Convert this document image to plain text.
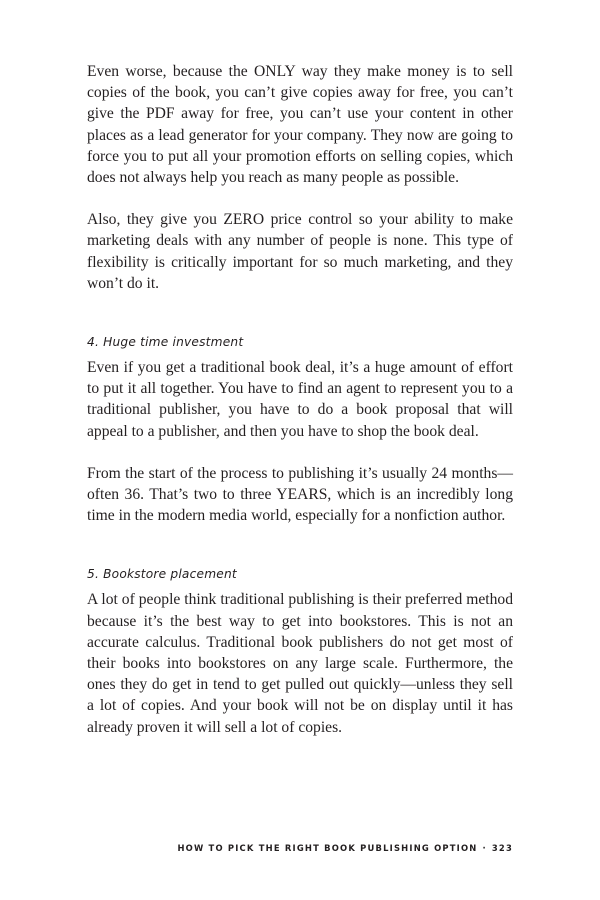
Even worse, because the ONLY way they make money is to sell copies of the book, you can’t give copies away for free, you can’t give the PDF away for free, you can’t use your content in other places as a lead generator for your company. They now are going to force you to put all your promotion efforts on selling copies, which does not always help you reach as many people as possible.

Also, they give you ZERO price control so your ability to make marketing deals with any number of people is none. This type of flexibility is critically important for so much marketing, and they won’t do it.

4. Huge time investment

Even if you get a traditional book deal, it’s a huge amount of effort to put it all together. You have to find an agent to represent you to a traditional publisher, you have to do a book proposal that will appeal to a publisher, and then you have to shop the book deal.

From the start of the process to publishing it’s usually 24 months—often 36. That’s two to three YEARS, which is an incredibly long time in the modern media world, especially for a nonfiction author.

5. Bookstore placement

A lot of people think traditional publishing is their preferred method because it’s the best way to get into bookstores. This is not an accurate calculus. Traditional book publishers do not get most of their books into bookstores on any large scale. Furthermore, the ones they do get in tend to get pulled out quickly—unless they sell a lot of copies. And your book will not be on display until it has already proven it will sell a lot of copies.

HOW TO PICK THE RIGHT BOOK PUBLISHING OPTION · 323
